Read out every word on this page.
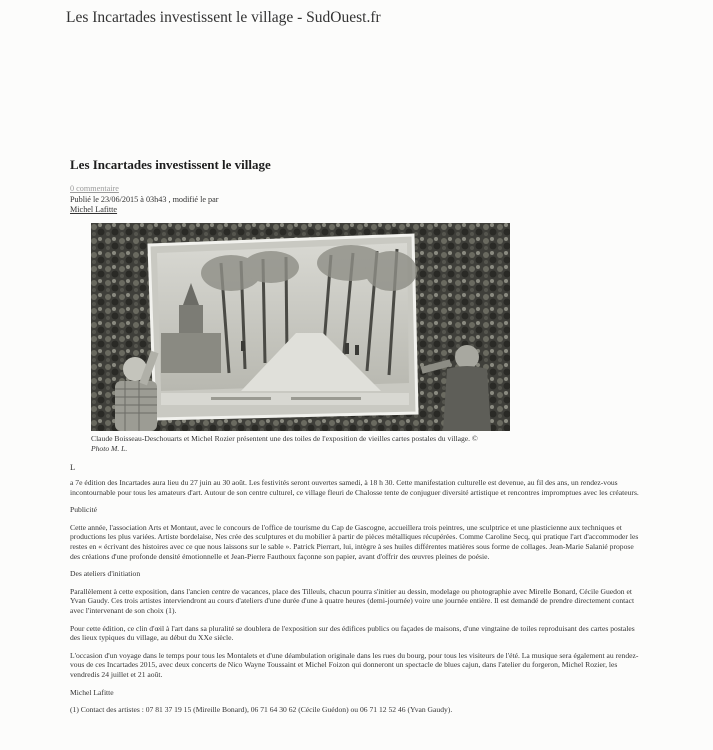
Les Incartades investissent le village - SudOuest.fr
Les Incartades investissent le village
0 commentaire
Publié le 23/06/2015 à 03h43 , modifié le par
Michel Lafitte
Claude Boisseau-Deschouarts et Michel Rozier présentent une des toiles de l'exposition de vieilles cartes postales du village. ©
Photo M. L.
L

a 7e édition des Incartades aura lieu du 27 juin au 30 août. Les festivités seront ouvertes samedi, à 18 h 30. Cette manifestation culturelle est devenue, au fil des ans, un rendez-vous incontournable pour tous les amateurs d'art. Autour de son centre culturel, ce village fleuri de Chalosse tente de conjuguer diversité artistique et rencontres impromptues avec les créateurs.

Publicité

Cette année, l'association Arts et Montaut, avec le concours de l'office de tourisme du Cap de Gascogne, accueillera trois peintres, une sculptrice et une plasticienne aux techniques et productions les plus variées. Artiste bordelaise, Nes crée des sculptures et du mobilier à partir de pièces métalliques récupérées. Comme Caroline Secq, qui pratique l'art d'accommoder les restes en « écrivant des histoires avec ce que nous laissons sur le sable ». Patrick Pierrart, lui, intègre à ses huiles différentes matières sous forme de collages. Jean-Marie Salanié propose des créations d'une profonde densité émotionnelle et Jean-Pierre Fauthoux façonne son papier, avant d'offrir des œuvres pleines de poésie.

Des ateliers d'initiation

Parallèlement à cette exposition, dans l'ancien centre de vacances, place des Tilleuls, chacun pourra s'initier au dessin, modelage ou photographie avec Mirelle Bonard, Cécile Guedon et Yvan Gaudy. Ces trois artistes interviendront au cours d'ateliers d'une durée d'une à quatre heures (demi-journée) voire une journée entière. Il est demandé de prendre directement contact avec l'intervenant de son choix (1).

Pour cette édition, ce clin d'œil à l'art dans sa pluralité se doublera de l'exposition sur des édifices publics ou façades de maisons, d'une vingtaine de toiles reproduisant des cartes postales des lieux typiques du village, au début du XXe siècle.

L'occasion d'un voyage dans le temps pour tous les Montalets et d'une déambulation originale dans les rues du bourg, pour tous les visiteurs de l'été. La musique sera également au rendez-vous de ces Incartades 2015, avec deux concerts de Nico Wayne Toussaint et Michel Foizon qui donneront un spectacle de blues cajun, dans l'atelier du forgeron, Michel Rozier, les vendredis 24 juillet et 21 août.

Michel Lafitte

(1) Contact des artistes : 07 81 37 19 15 (Mireille Bonard), 06 71 64 30 62 (Cécile Guédon) ou 06 71 12 52 46 (Yvan Gaudy).
